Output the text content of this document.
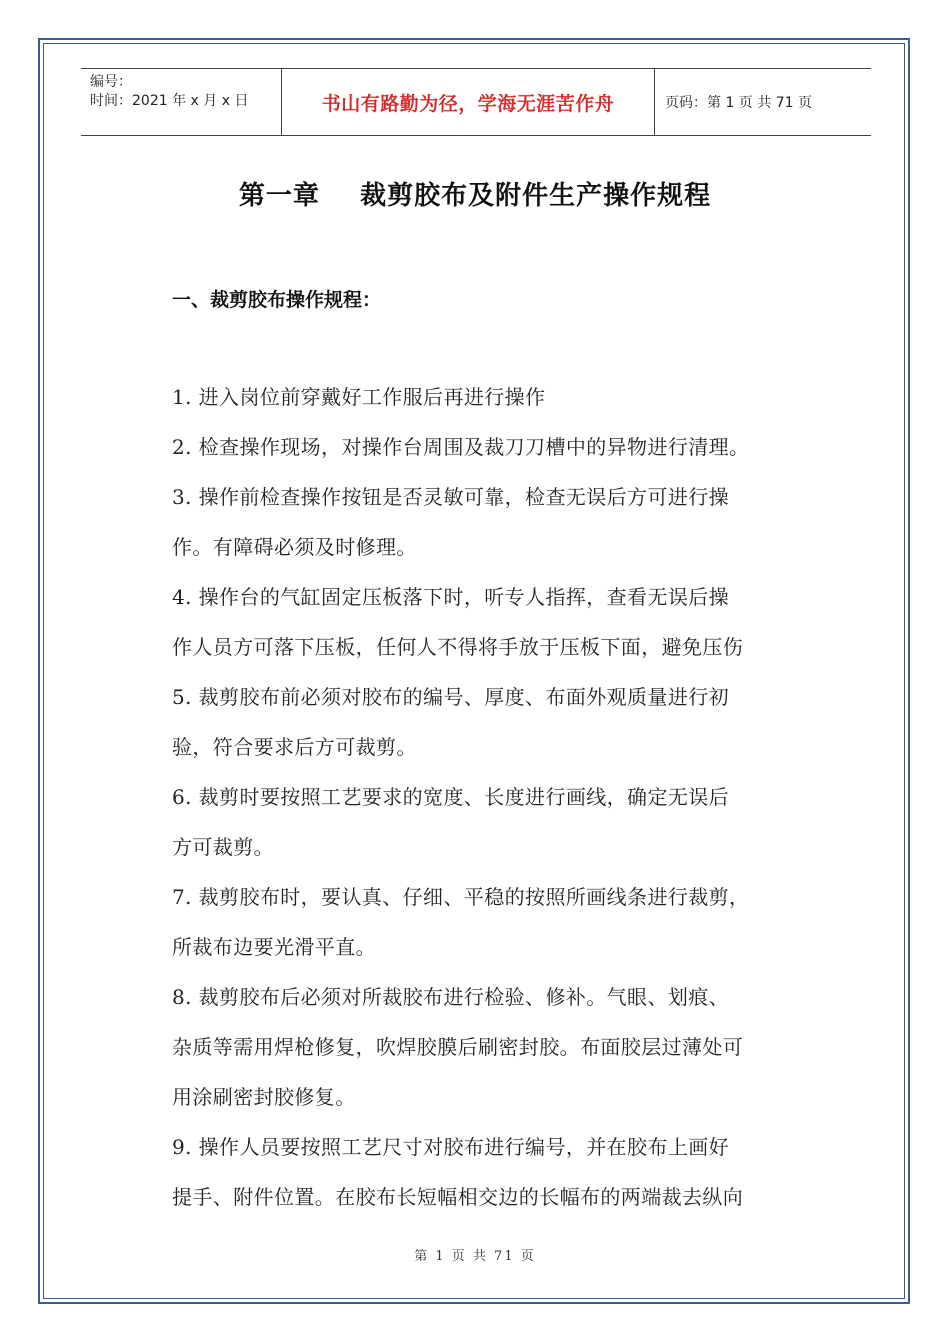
编号：
时间：2021 年 x 月 x 日	书山有路勤为径，学海无涯苦作舟	页码：第 1 页 共 71 页
第一章    裁剪胶布及附件生产操作规程
一、裁剪胶布操作规程：
1. 进入岗位前穿戴好工作服后再进行操作
2. 检查操作现场，对操作台周围及裁刀刀槽中的异物进行清理。
3. 操作前检查操作按钮是否灵敏可靠，检查无误后方可进行操
作。有障碍必须及时修理。
4. 操作台的气缸固定压板落下时，听专人指挥，查看无误后操
作人员方可落下压板，任何人不得将手放于压板下面，避免压伤
5. 裁剪胶布前必须对胶布的编号、厚度、布面外观质量进行初
验，符合要求后方可裁剪。
6. 裁剪时要按照工艺要求的宽度、长度进行画线，确定无误后
方可裁剪。
7. 裁剪胶布时，要认真、仔细、平稳的按照所画线条进行裁剪，
所裁布边要光滑平直。
8. 裁剪胶布后必须对所裁胶布进行检验、修补。气眼、划痕、
杂质等需用焊枪修复，吹焊胶膜后刷密封胶。布面胶层过薄处可
用涂刷密封胶修复。
9. 操作人员要按照工艺尺寸对胶布进行编号，并在胶布上画好
提手、附件位置。在胶布长短幅相交边的长幅布的两端裁去纵向
第 1 页 共 71 页
